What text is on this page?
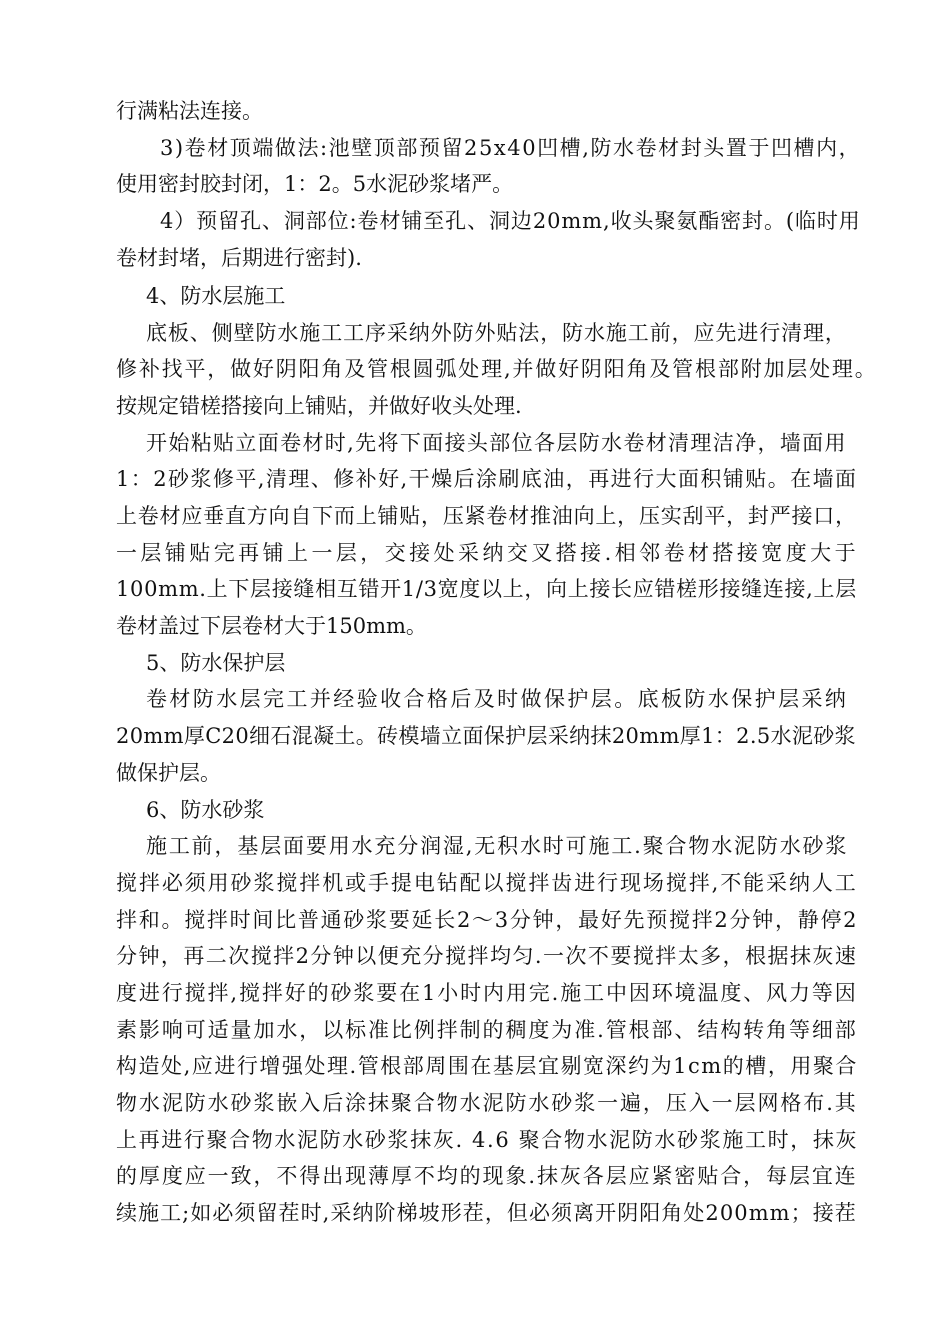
行满粘法连接。
3)卷材顶端做法:池壁顶部预留25x40凹槽,防水卷材封头置于凹槽内，
使用密封胶封闭，1：2。5水泥砂浆堵严。
4）预留孔、洞部位:卷材铺至孔、洞边20mm,收头聚氨酯密封。(临时用
卷材封堵，后期进行密封).
4、防水层施工
底板、侧壁防水施工工序采纳外防外贴法，防水施工前，应先进行清理，
修补找平，做好阴阳角及管根圆弧处理,并做好阴阳角及管根部附加层处理。
按规定错槎搭接向上铺贴，并做好收头处理.
开始粘贴立面卷材时,先将下面接头部位各层防水卷材清理洁净，墙面用
1：2砂浆修平,清理、修补好,干燥后涂刷底油，再进行大面积铺贴。在墙面
上卷材应垂直方向自下而上铺贴，压紧卷材推油向上，压实刮平，封严接口，
一层铺贴完再铺上一层，交接处采纳交叉搭接.相邻卷材搭接宽度大于
100mm.上下层接缝相互错开1/3宽度以上，向上接长应错槎形接缝连接,上层
卷材盖过下层卷材大于150mm。
5、防水保护层
卷材防水层完工并经验收合格后及时做保护层。底板防水保护层采纳
20mm厚C20细石混凝土。砖模墙立面保护层采纳抹20mm厚1：2.5水泥砂浆
做保护层。
6、防水砂浆
施工前，基层面要用水充分润湿,无积水时可施工.聚合物水泥防水砂浆
搅拌必须用砂浆搅拌机或手提电钻配以搅拌齿进行现场搅拌,不能采纳人工
拌和。搅拌时间比普通砂浆要延长2～3分钟，最好先预搅拌2分钟，静停2
分钟，再二次搅拌2分钟以便充分搅拌均匀.一次不要搅拌太多，根据抹灰速
度进行搅拌,搅拌好的砂浆要在1小时内用完.施工中因环境温度、风力等因
素影响可适量加水，以标准比例拌制的稠度为准.管根部、结构转角等细部
构造处,应进行增强处理.管根部周围在基层宜剔宽深约为1cm的槽，用聚合
物水泥防水砂浆嵌入后涂抹聚合物水泥防水砂浆一遍，压入一层网格布.其
上再进行聚合物水泥防水砂浆抹灰. 4.6 聚合物水泥防水砂浆施工时，抹灰
的厚度应一致，不得出现薄厚不均的现象.抹灰各层应紧密贴合，每层宜连
续施工;如必须留茬时,采纳阶梯坡形茬，但必须离开阴阳角处200mm；接茬
